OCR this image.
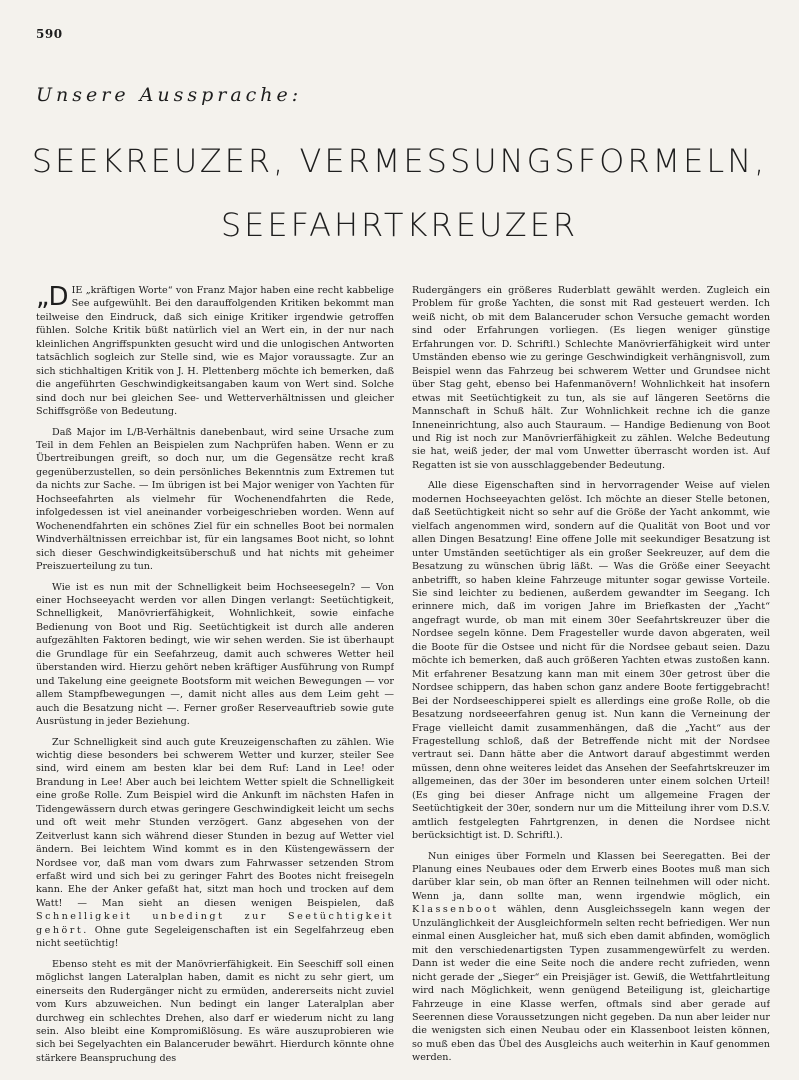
590
Unsere Aussprache:
SEEKREUZER, VERMESSUNGSFORMELN,
SEEFAHRTKREUZER

„D IE „kräftigen Worte“ von Franz Major haben eine recht kabbelige See aufgewühlt. Bei den darauffolgenden Kritiken bekommt man teilweise den Eindruck, daß sich einige Kritiker irgendwie getroffen fühlen. Solche Kritik büßt natürlich viel an Wert ein, in der nur nach kleinlichen Angriffspunkten gesucht wird und die unlogischen Antworten tatsächlich sogleich zur Stelle sind, wie es Major voraussagte. Zur an sich stichhaltigen Kritik von J. H. Plettenberg möchte ich bemerken, daß die angeführten Geschwindigkeitsangaben kaum von Wert sind. Solche sind doch nur bei gleichen See- und Wetterverhältnissen und gleicher Schiffsgröße von Bedeutung.

Daß Major im L/B-Verhältnis danebenbaut, wird seine Ursache zum Teil in dem Fehlen an Beispielen zum Nachprüfen haben. Wenn er zu Übertreibungen greift, so doch nur, um die Gegensätze recht kraß gegenüberzustellen, so dein persönliches Bekenntnis zum Extremen tut da nichts zur Sache. — Im übrigen ist bei Major weniger von Yachten für Hochseefahrten als vielmehr für Wochenendfahrten die Rede, infolgedessen ist viel aneinander vorbeigeschrieben worden. Wenn auf Wochenendfahrten ein schönes Ziel für ein schnelles Boot bei normalen Windverhältnissen erreichbar ist, für ein langsames Boot nicht, so lohnt sich dieser Geschwindigkeitsüberschuß und hat nichts mit geheimer Preiszuerteilung zu tun.

Wie ist es nun mit der Schnelligkeit beim Hochseesegeln? — Von einer Hochseeyacht werden vor allen Dingen verlangt: Seetüchtigkeit, Schnelligkeit, Manövrierfähigkeit, Wohnlichkeit, sowie einfache Bedienung von Boot und Rig. Seetüchtigkeit ist durch alle anderen aufgezählten Faktoren bedingt, wie wir sehen werden. Sie ist überhaupt die Grundlage für ein Seefahrzeug, damit auch schweres Wetter heil überstanden wird. Hierzu gehört neben kräftiger Ausführung von Rumpf und Takelung eine geeignete Bootsform mit weichen Bewegungen — vor allem Stampfbewegungen —, damit nicht alles aus dem Leim geht — auch die Besatzung nicht —. Ferner großer Reserveauftrieb sowie gute Ausrüstung in jeder Beziehung.

Zur Schnelligkeit sind auch gute Kreuzeigenschaften zu zählen. Wie wichtig diese besonders bei schwerem Wetter und kurzer, steiler See sind, wird einem am besten klar bei dem Ruf: Land in Lee! oder Brandung in Lee! Aber auch bei leichtem Wetter spielt die Schnelligkeit eine große Rolle. Zum Beispiel wird die Ankunft im nächsten Hafen in Tidengewässern durch etwas geringere Geschwindigkeit leicht um sechs und oft weit mehr Stunden verzögert. Ganz abgesehen von der Zeitverlust kann sich während dieser Stunden in bezug auf Wetter viel ändern. Bei leichtem Wind kommt es in den Küstengewässern der Nordsee vor, daß man vom dwars zum Fahrwasser setzenden Strom erfaßt wird und sich bei zu geringer Fahrt des Bootes nicht freisegeln kann. Ehe der Anker gefaßt hat, sitzt man hoch und trocken auf dem Watt! — Man sieht an diesen wenigen Beispielen, daß Schnelligkeit unbedingt zur Seetüchtigkeit gehört. Ohne gute Segeleigenschaften ist ein Segelfahrzeug eben nicht seetüchtig!

Ebenso steht es mit der Manövrierfähigkeit. Ein Seeschiff soll einen möglichst langen Lateralplan haben, damit es nicht zu sehr giert, um einerseits den Rudergänger nicht zu ermüden, andererseits nicht zuviel vom Kurs abzuweichen. Nun bedingt ein langer Lateralplan aber durchweg ein schlechtes Drehen, also darf er wiederum nicht zu lang sein. Also bleibt eine Kompromißlösung. Es wäre auszuprobieren wie sich bei Segelyachten ein Balanceruder bewährt. Hierdurch könnte ohne stärkere Beanspruchung des

Rudergängers ein größeres Ruderblatt gewählt werden. Zugleich ein Problem für große Yachten, die sonst mit Rad gesteuert werden. Ich weiß nicht, ob mit dem Balanceruder schon Versuche gemacht worden sind oder Erfahrungen vorliegen. (Es liegen weniger günstige Erfahrungen vor. D. Schriftl.) Schlechte Manövrierfähigkeit wird unter Umständen ebenso wie zu geringe Geschwindigkeit verhängnisvoll, zum Beispiel wenn das Fahrzeug bei schwerem Wetter und Grundsee nicht über Stag geht, ebenso bei Hafenmanövern! Wohnlichkeit hat insofern etwas mit Seetüchtigkeit zu tun, als sie auf längeren Seetörns die Mannschaft in Schuß hält. Zur Wohnlichkeit rechne ich die ganze Inneneinrichtung, also auch Stauraum. — Handige Bedienung von Boot und Rig ist noch zur Manövrierfähigkeit zu zählen. Welche Bedeutung sie hat, weiß jeder, der mal vom Unwetter überrascht worden ist. Auf Regatten ist sie von ausschlaggebender Bedeutung.

Alle diese Eigenschaften sind in hervorragender Weise auf vielen modernen Hochseeyachten gelöst. Ich möchte an dieser Stelle betonen, daß Seetüchtigkeit nicht so sehr auf die Größe der Yacht ankommt, wie vielfach angenommen wird, sondern auf die Qualität von Boot und vor allen Dingen Besatzung! Eine offene Jolle mit seekundiger Besatzung ist unter Umständen seetüchtiger als ein großer Seekreuzer, auf dem die Besatzung zu wünschen übrig läßt. — Was die Größe einer Seeyacht anbetrifft, so haben kleine Fahrzeuge mitunter sogar gewisse Vorteile. Sie sind leichter zu bedienen, außerdem gewandter im Seegang. Ich erinnere mich, daß im vorigen Jahre im Briefkasten der „Yacht“ angefragt wurde, ob man mit einem 30er Seefahrtskreuzer über die Nordsee segeln könne. Dem Fragesteller wurde davon abgeraten, weil die Boote für die Ostsee und nicht für die Nordsee gebaut seien. Dazu möchte ich bemerken, daß auch größeren Yachten etwas zustoßen kann. Mit erfahrener Besatzung kann man mit einem 30er getrost über die Nordsee schippern, das haben schon ganz andere Boote fertiggebracht! Bei der Nordseeschipperei spielt es allerdings eine große Rolle, ob die Besatzung nordseeerfahren genug ist. Nun kann die Verneinung der Frage vielleicht damit zusammenhängen, daß die „Yacht“ aus der Fragestellung schloß, daß der Betreffende nicht mit der Nordsee vertraut sei. Dann hätte aber die Antwort darauf abgestimmt werden müssen, denn ohne weiteres leidet das Ansehen der Seefahrtskreuzer im allgemeinen, das der 30er im besonderen unter einem solchen Urteil! (Es ging bei dieser Anfrage nicht um allgemeine Fragen der Seetüchtigkeit der 30er, sondern nur um die Mitteilung ihrer vom D.S.V. amtlich festgelegten Fahrtgrenzen, in denen die Nordsee nicht berücksichtigt ist. D. Schriftl.).

Nun einiges über Formeln und Klassen bei Seeregatten. Bei der Planung eines Neubaues oder dem Erwerb eines Bootes muß man sich darüber klar sein, ob man öfter an Rennen teilnehmen will oder nicht. Wenn ja, dann sollte man, wenn irgendwie möglich, ein Klassenboot wählen, denn Ausgleichssegeln kann wegen der Unzulänglichkeit der Ausgleichformeln selten recht befriedigen. Wer nun einmal einen Ausgleicher hat, muß sich eben damit abfinden, womöglich mit den verschiedenartigsten Typen zusammengewürfelt zu werden. Dann ist weder die eine Seite noch die andere recht zufrieden, wenn nicht gerade der „Sieger“ ein Preisjäger ist. Gewiß, die Wettfahrtleitung wird nach Möglichkeit, wenn genügend Beteiligung ist, gleichartige Fahrzeuge in eine Klasse werfen, oftmals sind aber gerade auf Seerennen diese Voraussetzungen nicht gegeben. Da nun aber leider nur die wenigsten sich einen Neubau oder ein Klassenboot leisten können, so muß eben das Übel des Ausgleichs auch weiterhin in Kauf genommen werden.
